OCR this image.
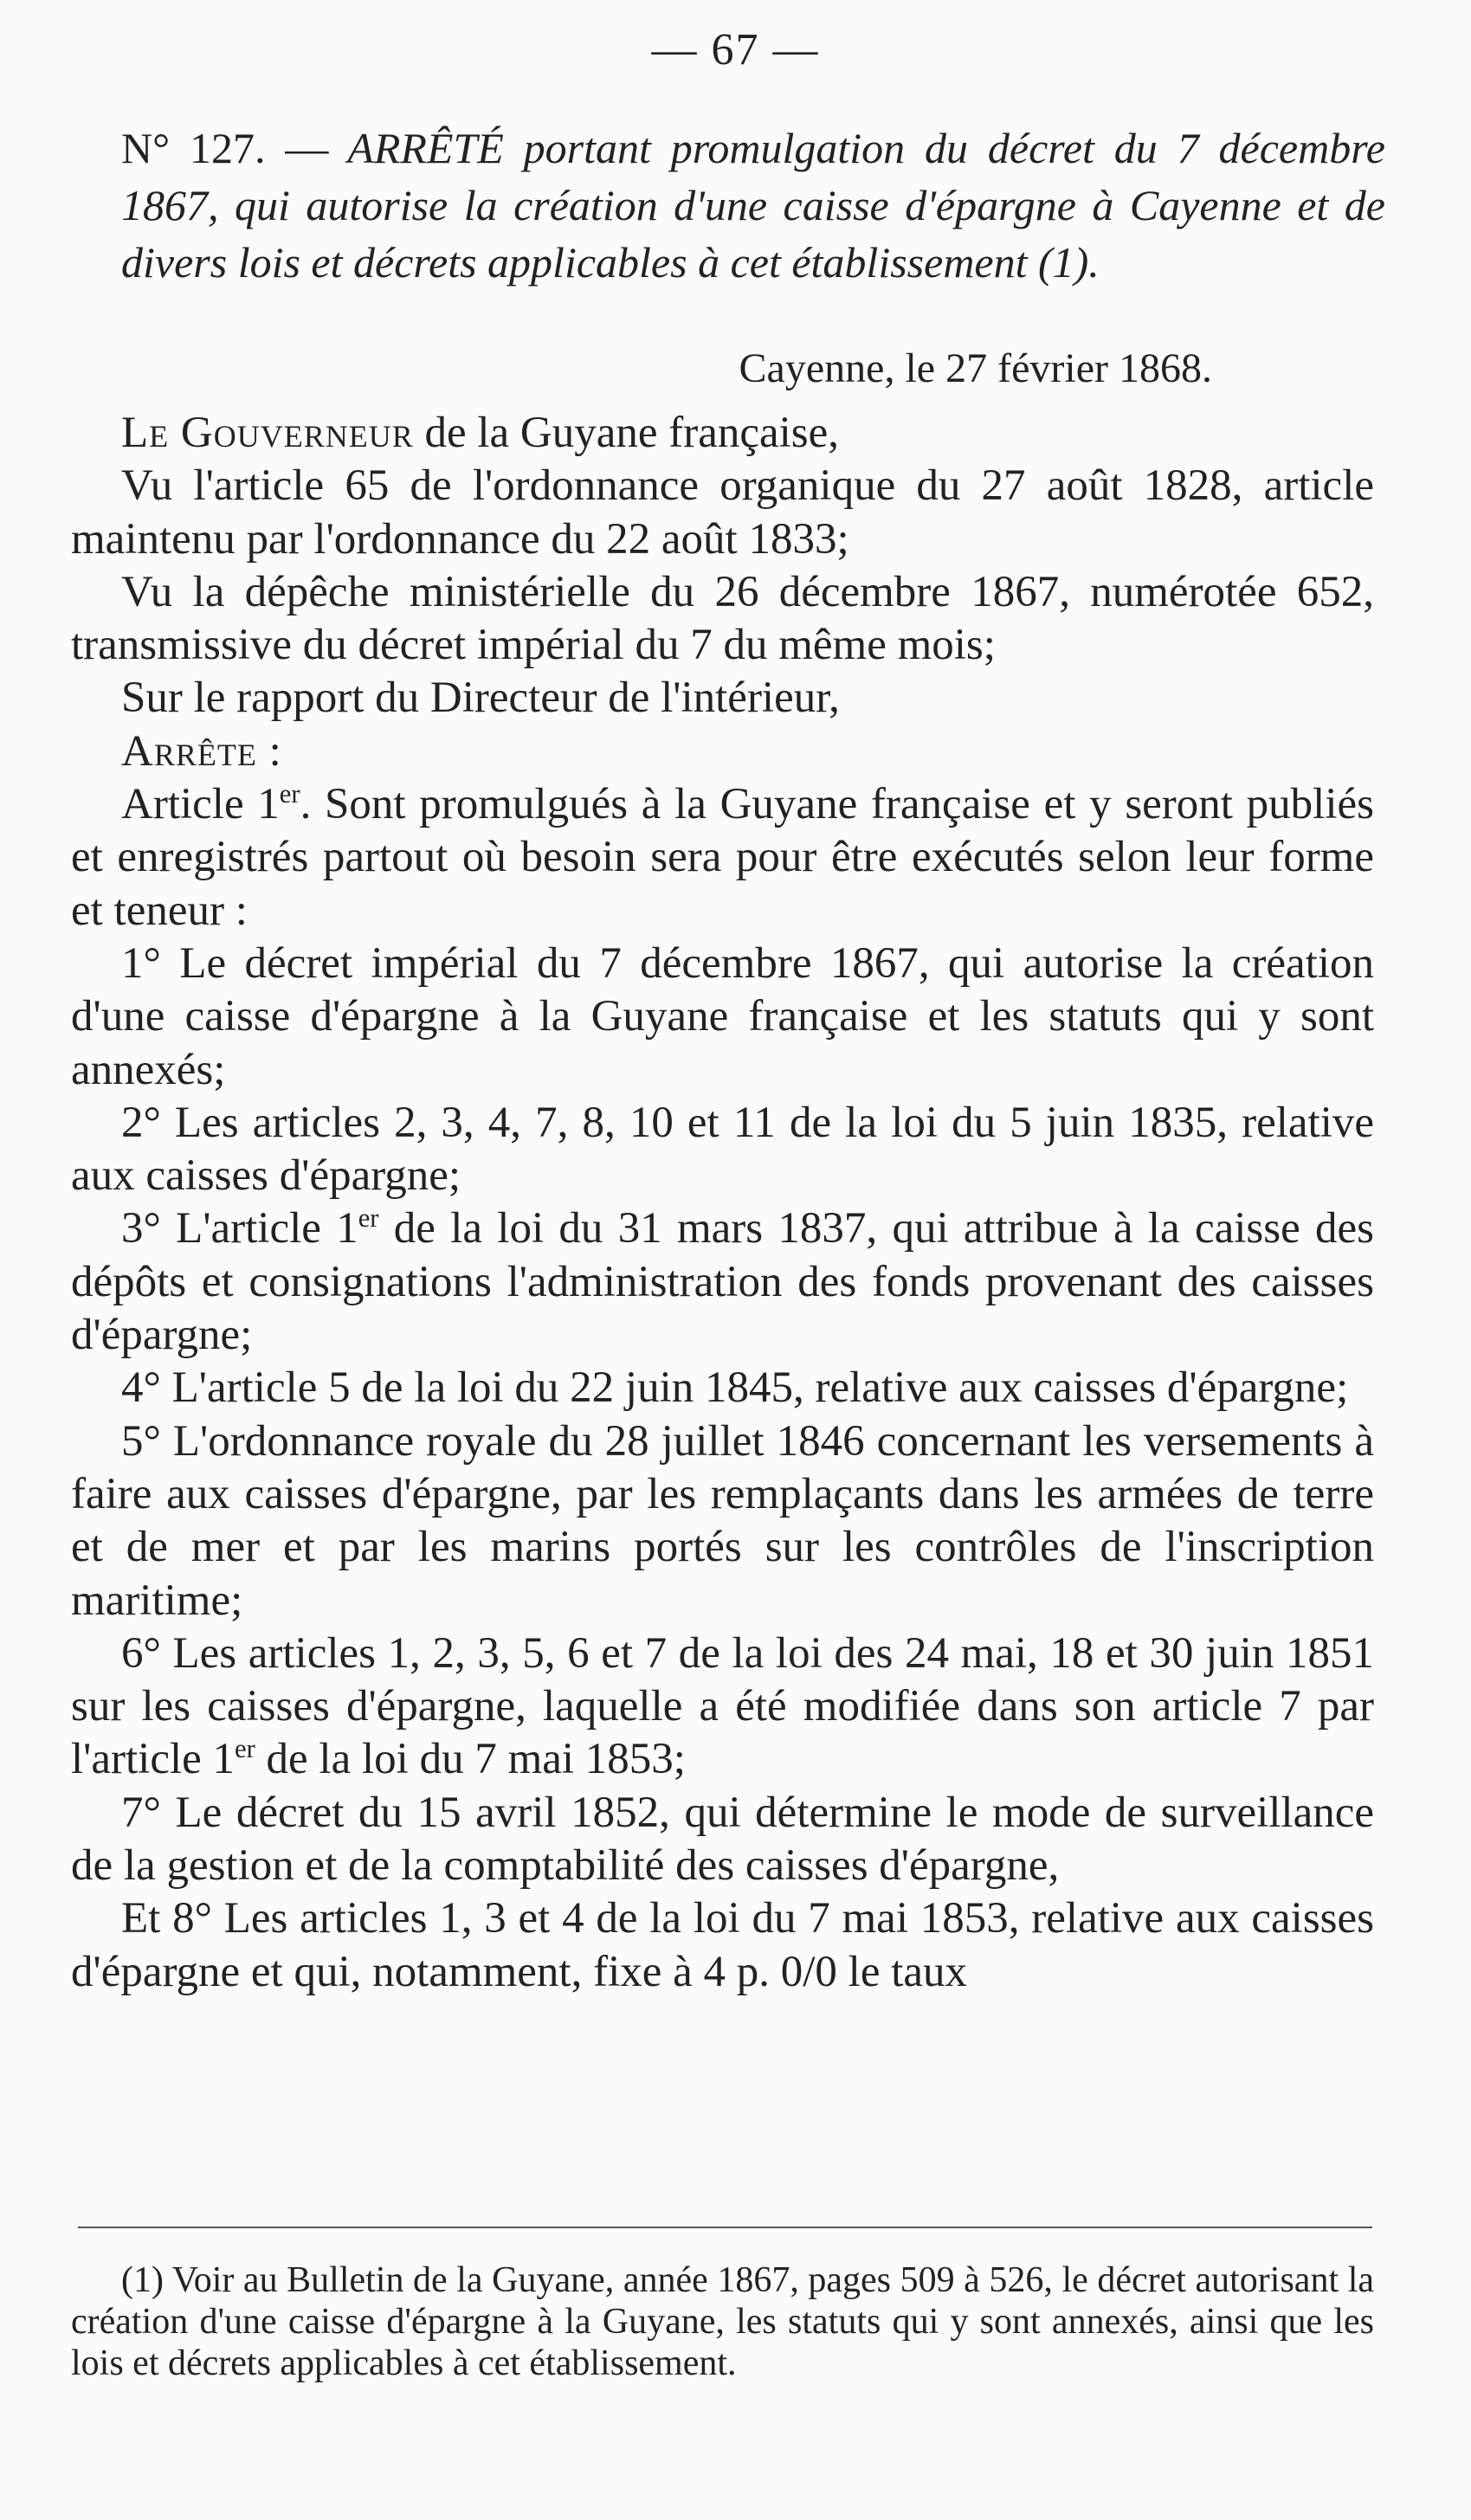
— 67 —
N° 127. — ARRÊTÉ portant promulgation du décret du 7 décembre 1867, qui autorise la création d'une caisse d'épargne à Cayenne et de divers lois et décrets applicables à cet établissement (1).
Cayenne, le 27 février 1868.

Le Gouverneur de la Guyane française,

Vu l'article 65 de l'ordonnance organique du 27 août 1828, article maintenu par l'ordonnance du 22 août 1833;

Vu la dépêche ministérielle du 26 décembre 1867, numérotée 652, transmissive du décret impérial du 7 du même mois;

Sur le rapport du Directeur de l'intérieur,

Arrête :

Article 1er. Sont promulgués à la Guyane française et y seront publiés et enregistrés partout où besoin sera pour être exécutés selon leur forme et teneur :

1° Le décret impérial du 7 décembre 1867, qui autorise la création d'une caisse d'épargne à la Guyane française et les statuts qui y sont annexés;

2° Les articles 2, 3, 4, 7, 8, 10 et 11 de la loi du 5 juin 1835, relative aux caisses d'épargne;

3° L'article 1er de la loi du 31 mars 1837, qui attribue à la caisse des dépôts et consignations l'administration des fonds provenant des caisses d'épargne;

4° L'article 5 de la loi du 22 juin 1845, relative aux caisses d'épargne;

5° L'ordonnance royale du 28 juillet 1846 concernant les versements à faire aux caisses d'épargne, par les remplaçants dans les armées de terre et de mer et par les marins portés sur les contrôles de l'inscription maritime;

6° Les articles 1, 2, 3, 5, 6 et 7 de la loi des 24 mai, 18 et 30 juin 1851 sur les caisses d'épargne, laquelle a été modifiée dans son article 7 par l'article 1er de la loi du 7 mai 1853;

7° Le décret du 15 avril 1852, qui détermine le mode de surveillance de la gestion et de la comptabilité des caisses d'épargne,

Et 8° Les articles 1, 3 et 4 de la loi du 7 mai 1853, relative aux caisses d'épargne et qui, notamment, fixe à 4 p. 0/0 le taux

(1) Voir au Bulletin de la Guyane, année 1867, pages 509 à 526, le décret autorisant la création d'une caisse d'épargne à la Guyane, les statuts qui y sont annexés, ainsi que les lois et décrets applicables à cet établissement.
